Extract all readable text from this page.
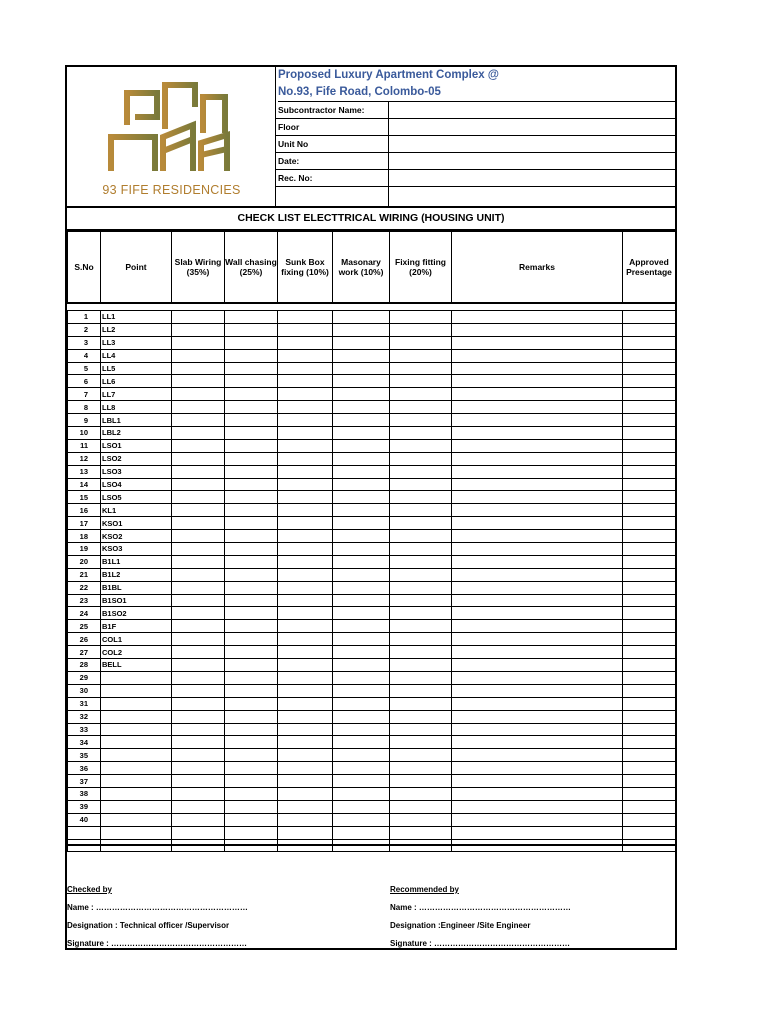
93 FIFE RESIDENCIES
Proposed Luxury Apartment Complex @
No.93, Fife Road, Colombo-05
Subcontractor Name:
Floor
Unit No
Date:
Rec. No:
CHECK LIST ELECTTRICAL WIRING (HOUSING UNIT)
S.No	Point	Slab Wiring (35%)	Wall chasing (25%)	Sunk Box fixing (10%)	Masonary work (10%)	Fixing fitting (20%)	Remarks	Approved Presentage

1	LL1							
2	LL2							
3	LL3							
4	LL4							
5	LL5							
6	LL6							
7	LL7							
8	LL8							
9	LBL1							
10	LBL2							
11	LSO1							
12	LSO2							
13	LSO3							
14	LSO4							
15	LSO5							
16	KL1							
17	KSO1							
18	KSO2							
19	KSO3							
20	B1L1							
21	B1L2							
22	B1BL							
23	B1SO1							
24	B1SO2							
25	B1F							
26	COL1							
27	COL2							
28	BELL							
29								
30								
31								
32								
33								
34								
35								
36								
37								
38								
39								
40								

Checked by
Name : …………………………………………………
Designation : Technical officer /Supervisor
Signature : ……………………………………………
Recommended by
Name : …………………………………………………
Designation :Engineer /Site Engineer
Signature : ……………………………………………
